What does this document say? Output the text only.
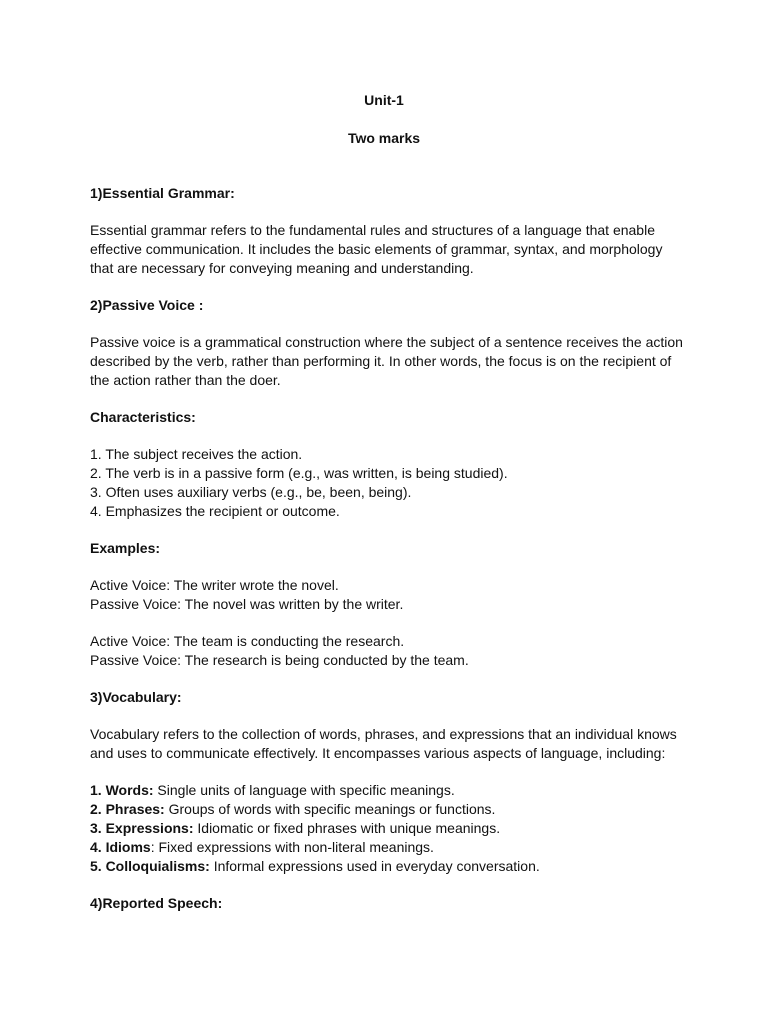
Unit-1
Two marks
1)Essential Grammar:

Essential grammar refers to the fundamental rules and structures of a language that enable
effective communication. It includes the basic elements of grammar, syntax, and morphology
that are necessary for conveying meaning and understanding.

2)Passive Voice :

Passive voice is a grammatical construction where the subject of a sentence receives the action
described by the verb, rather than performing it. In other words, the focus is on the recipient of
the action rather than the doer.

Characteristics:

1. The subject receives the action.
2. The verb is in a passive form (e.g., was written, is being studied).
3. Often uses auxiliary verbs (e.g., be, been, being).
4. Emphasizes the recipient or outcome.

Examples:

Active Voice: The writer wrote the novel.
Passive Voice: The novel was written by the writer.

Active Voice: The team is conducting the research.
Passive Voice: The research is being conducted by the team.

3)Vocabulary:

Vocabulary refers to the collection of words, phrases, and expressions that an individual knows
and uses to communicate effectively. It encompasses various aspects of language, including:

1. Words: Single units of language with specific meanings.
2. Phrases: Groups of words with specific meanings or functions.
3. Expressions: Idiomatic or fixed phrases with unique meanings.
4. Idioms: Fixed expressions with non-literal meanings.
5. Colloquialisms: Informal expressions used in everyday conversation.

4)Reported Speech:
